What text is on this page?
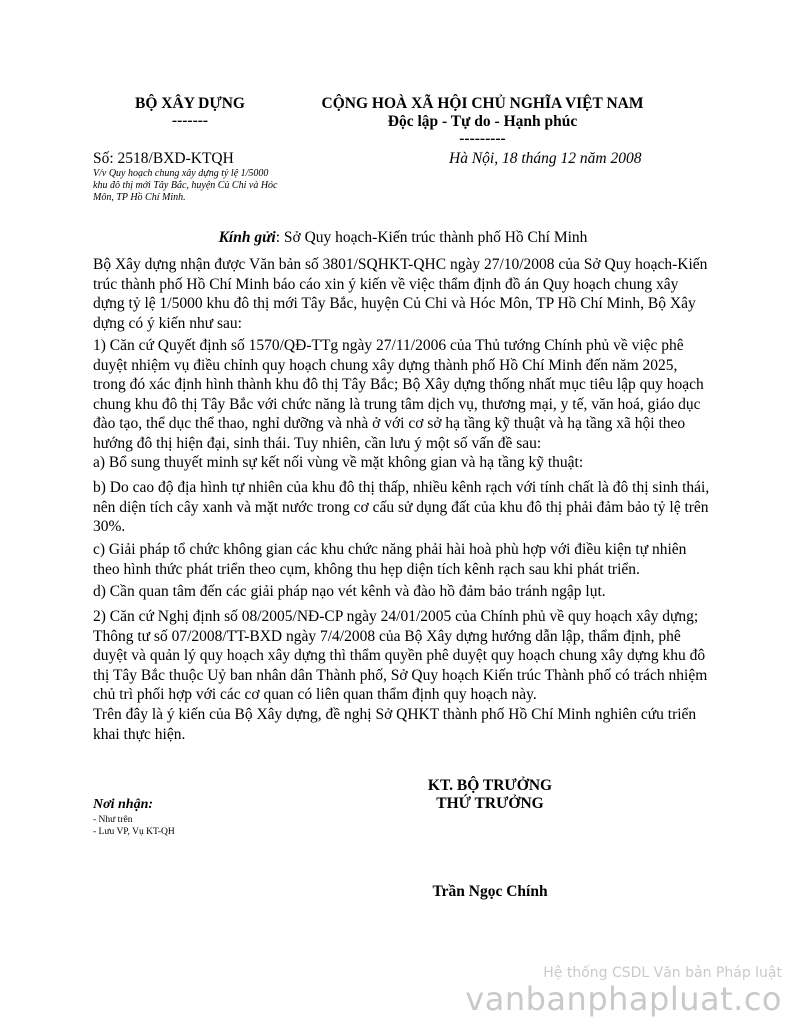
BỘ XÂY DỰNG
-------
CỘNG HOÀ XÃ HỘI CHỦ NGHĨA VIỆT NAM
Độc lập - Tự do - Hạnh phúc
---------
Số: 2518/BXD-KTQH
V/v Quy hoạch chung xây dựng tỷ lệ 1/5000
khu đô thị mới Tây Bắc, huyện Củ Chi và Hóc
Môn, TP Hồ Chí Minh.
Hà Nội, 18 tháng 12 năm 2008
Kính gửi: Sở Quy hoạch-Kiến trúc thành phố Hồ Chí Minh
Bộ Xây dựng nhận được Văn bản số 3801/SQHKT-QHC ngày 27/10/2008 của Sở Quy hoạch-Kiến trúc thành phố Hồ Chí Minh báo cáo xin ý kiến về việc thẩm định đồ án Quy hoạch chung xây dựng tỷ lệ 1/5000 khu đô thị mới Tây Bắc, huyện Củ Chi và Hóc Môn, TP Hồ Chí Minh, Bộ Xây dựng có ý kiến như sau:
1) Căn cứ Quyết định số 1570/QĐ-TTg ngày 27/11/2006 của Thủ tướng Chính phủ về việc phê duyệt nhiệm vụ điều chỉnh quy hoạch chung xây dựng thành phố Hồ Chí Minh đến năm 2025, trong đó xác định hình thành khu đô thị Tây Bắc; Bộ Xây dựng thống nhất mục tiêu lập quy hoạch chung khu đô thị Tây Bắc với chức năng là trung tâm dịch vụ, thương mại, y tế, văn hoá, giáo dục đào tạo, thể dục thể thao, nghỉ dưỡng và nhà ở với cơ sở hạ tầng kỹ thuật và hạ tầng xã hội theo hướng đô thị hiện đại, sinh thái. Tuy nhiên, cần lưu ý một số vấn đề sau:
a) Bổ sung thuyết minh sự kết nối vùng về mặt không gian và hạ tầng kỹ thuật:
b) Do cao độ địa hình tự nhiên của khu đô thị thấp, nhiều kênh rạch với tính chất là đô thị sinh thái, nên diện tích cây xanh và mặt nước trong cơ cấu sử dụng đất của khu đô thị phải đảm bảo tỷ lệ trên 30%.
c) Giải pháp tổ chức không gian các khu chức năng phải hài hoà phù hợp với điều kiện tự nhiên theo hình thức phát triển theo cụm, không thu hẹp diện tích kênh rạch sau khi phát triển.
d) Cần quan tâm đến các giải pháp nạo vét kênh và đào hồ đảm bảo tránh ngập lụt.
2) Căn cứ Nghị định số 08/2005/NĐ-CP ngày 24/01/2005 của Chính phủ về quy hoạch xây dựng; Thông tư số 07/2008/TT-BXD ngày 7/4/2008 của Bộ Xây dựng hướng dẫn lập, thẩm định, phê duyệt và quản lý quy hoạch xây dựng thì thẩm quyền phê duyệt quy hoạch chung xây dựng khu đô thị Tây Bắc thuộc Uỷ ban nhân dân Thành phố, Sở Quy hoạch Kiến trúc Thành phố có trách nhiệm chủ trì phối hợp với các cơ quan có liên quan thẩm định quy hoạch này.
Trên đây là ý kiến của Bộ Xây dựng, đề nghị Sở QHKT thành phố Hồ Chí Minh nghiên cứu triển khai thực hiện.
KT. BỘ TRƯỞNG
THỨ TRƯỞNG
Trần Ngọc Chính
Nơi nhận:
- Như trên
- Lưu VP, Vụ KT-QH
Hệ thống CSDL Văn bản Pháp luật
vanbanphapluat.co
